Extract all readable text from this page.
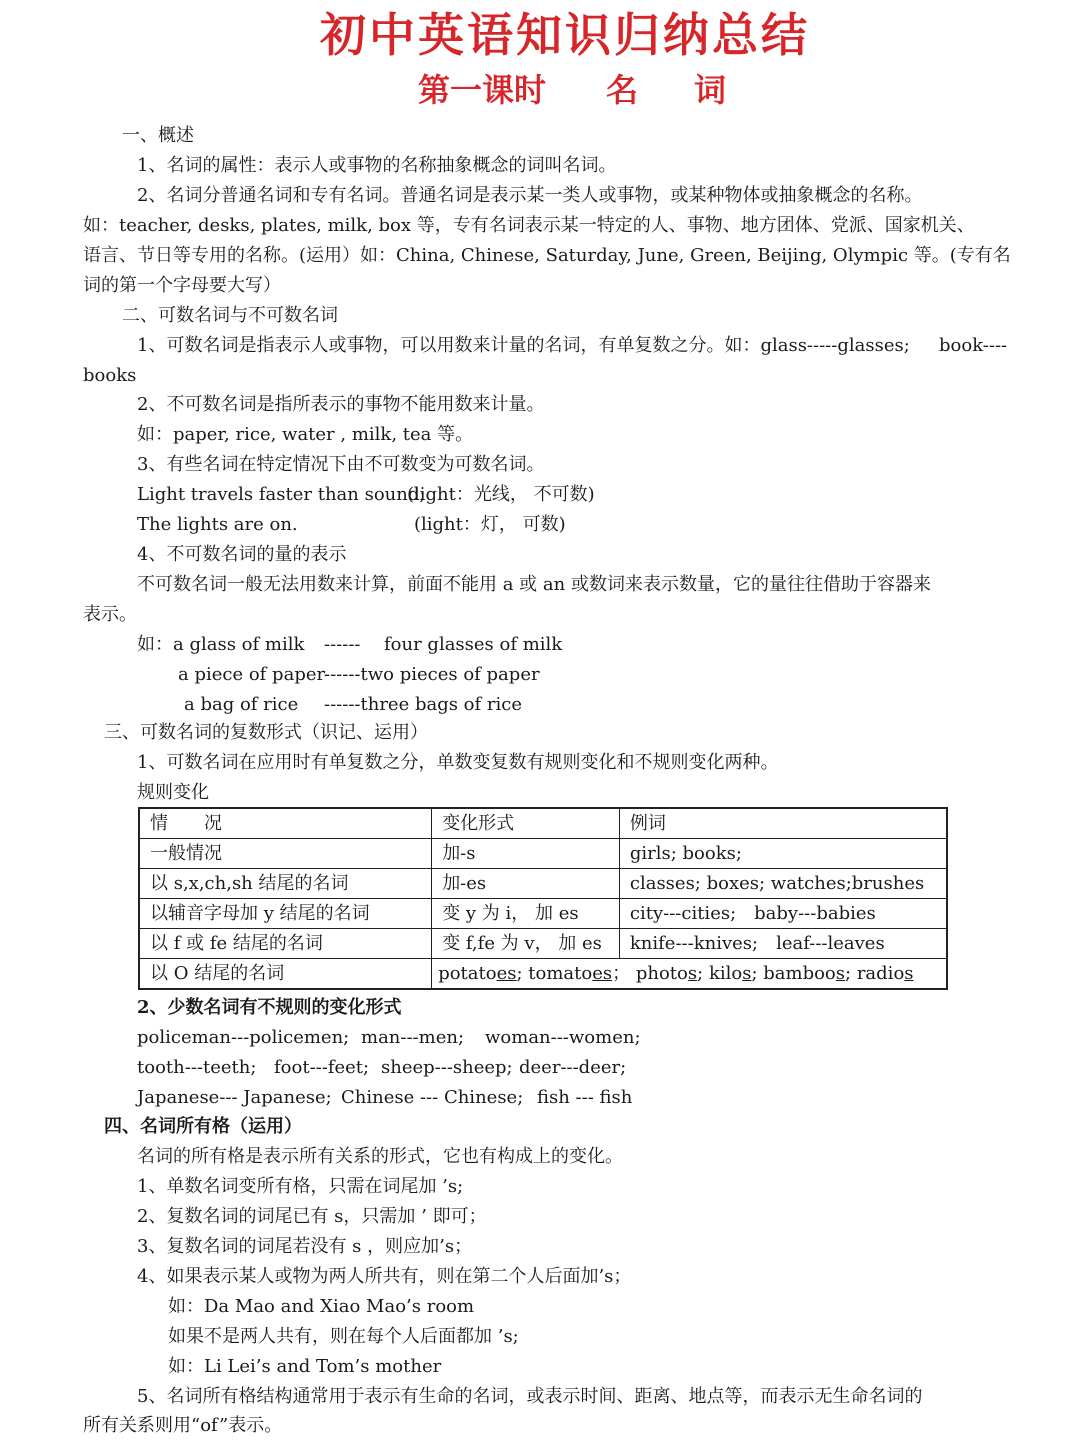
初中英语知识归纳总结
第一课时 名 词
一、概述
1、名词的属性：表示人或事物的名称抽象概念的词叫名词。
2、名词分普通名词和专有名词。普通名词是表示某一类人或事物，或某种物体或抽象概念的名称。
如：teacher, desks, plates, milk, box 等，专有名词表示某一特定的人、事物、地方团体、党派、国家机关、
语言、节日等专用的名称。(运用）如：China, Chinese, Saturday, June, Green, Beijing, Olympic 等。(专有名
词的第一个字母要大写）
二、可数名词与不可数名词
1、可数名词是指表示人或事物，可以用数来计量的名词，有单复数之分。如：glass-----glasses; book----
books
2、不可数名词是指所表示的事物不能用数来计量。
如：paper, rice, water , milk, tea 等。
3、有些名词在特定情况下由不可数变为可数名词。
Light travels faster than sound;
(light：光线， 不可数)
The lights are on.	(light：灯， 可数)
4、不可数名词的量的表示
不可数名词一般无法用数来计算，前面不能用 a 或 an 或数词来表示数量，它的量往往借助于容器来
表示。
如：a glass of milk ------ four glasses of milk
a piece of paper
------two pieces of paper
a bag of rice ------three bags of rice
三、可数名词的复数形式（识记、运用）
1、可数名词在应用时有单复数之分，单数变复数有规则变化和不规则变化两种。
规则变化
情　　况	变化形式	例词
一般情况	加-s	girls; books;
以 s,x,ch,sh 结尾的名词	加-es	classes; boxes; watches;brushes
以辅音字母加 y 结尾的名词	变 y 为 i， 加 es	city---cities;　baby---babies
以 f 或 fe 结尾的名词	变 f,fe 为 v， 加 es	knife---knives;　leaf---leaves
以 O 结尾的名词	potatoes; tomatoes； photos; kilos; bamboos; radios	
2、少数名词有不规则的变化形式
policeman---policemen; man---men; woman---women;
tooth---teeth; foot---feet; sheep---sheep; deer---deer;
Japanese--- Japanese; Chinese --- Chinese; fish --- fish
四、名词所有格（运用）
名词的所有格是表示所有关系的形式，它也有构成上的变化。
1、单数名词变所有格，只需在词尾加 ’s;
2、复数名词的词尾已有 s，只需加 ’ 即可；
3、复数名词的词尾若没有 s ，则应加’s；
4、如果表示某人或物为两人所共有，则在第二个人后面加’s；
如：Da Mao and Xiao Mao’s room
如果不是两人共有，则在每个人后面都加 ’s;
如：Li Lei’s and Tom’s mother
5、名词所有格结构通常用于表示有生命的名词，或表示时间、距离、地点等，而表示无生命名词的
所有关系则用“of”表示。
